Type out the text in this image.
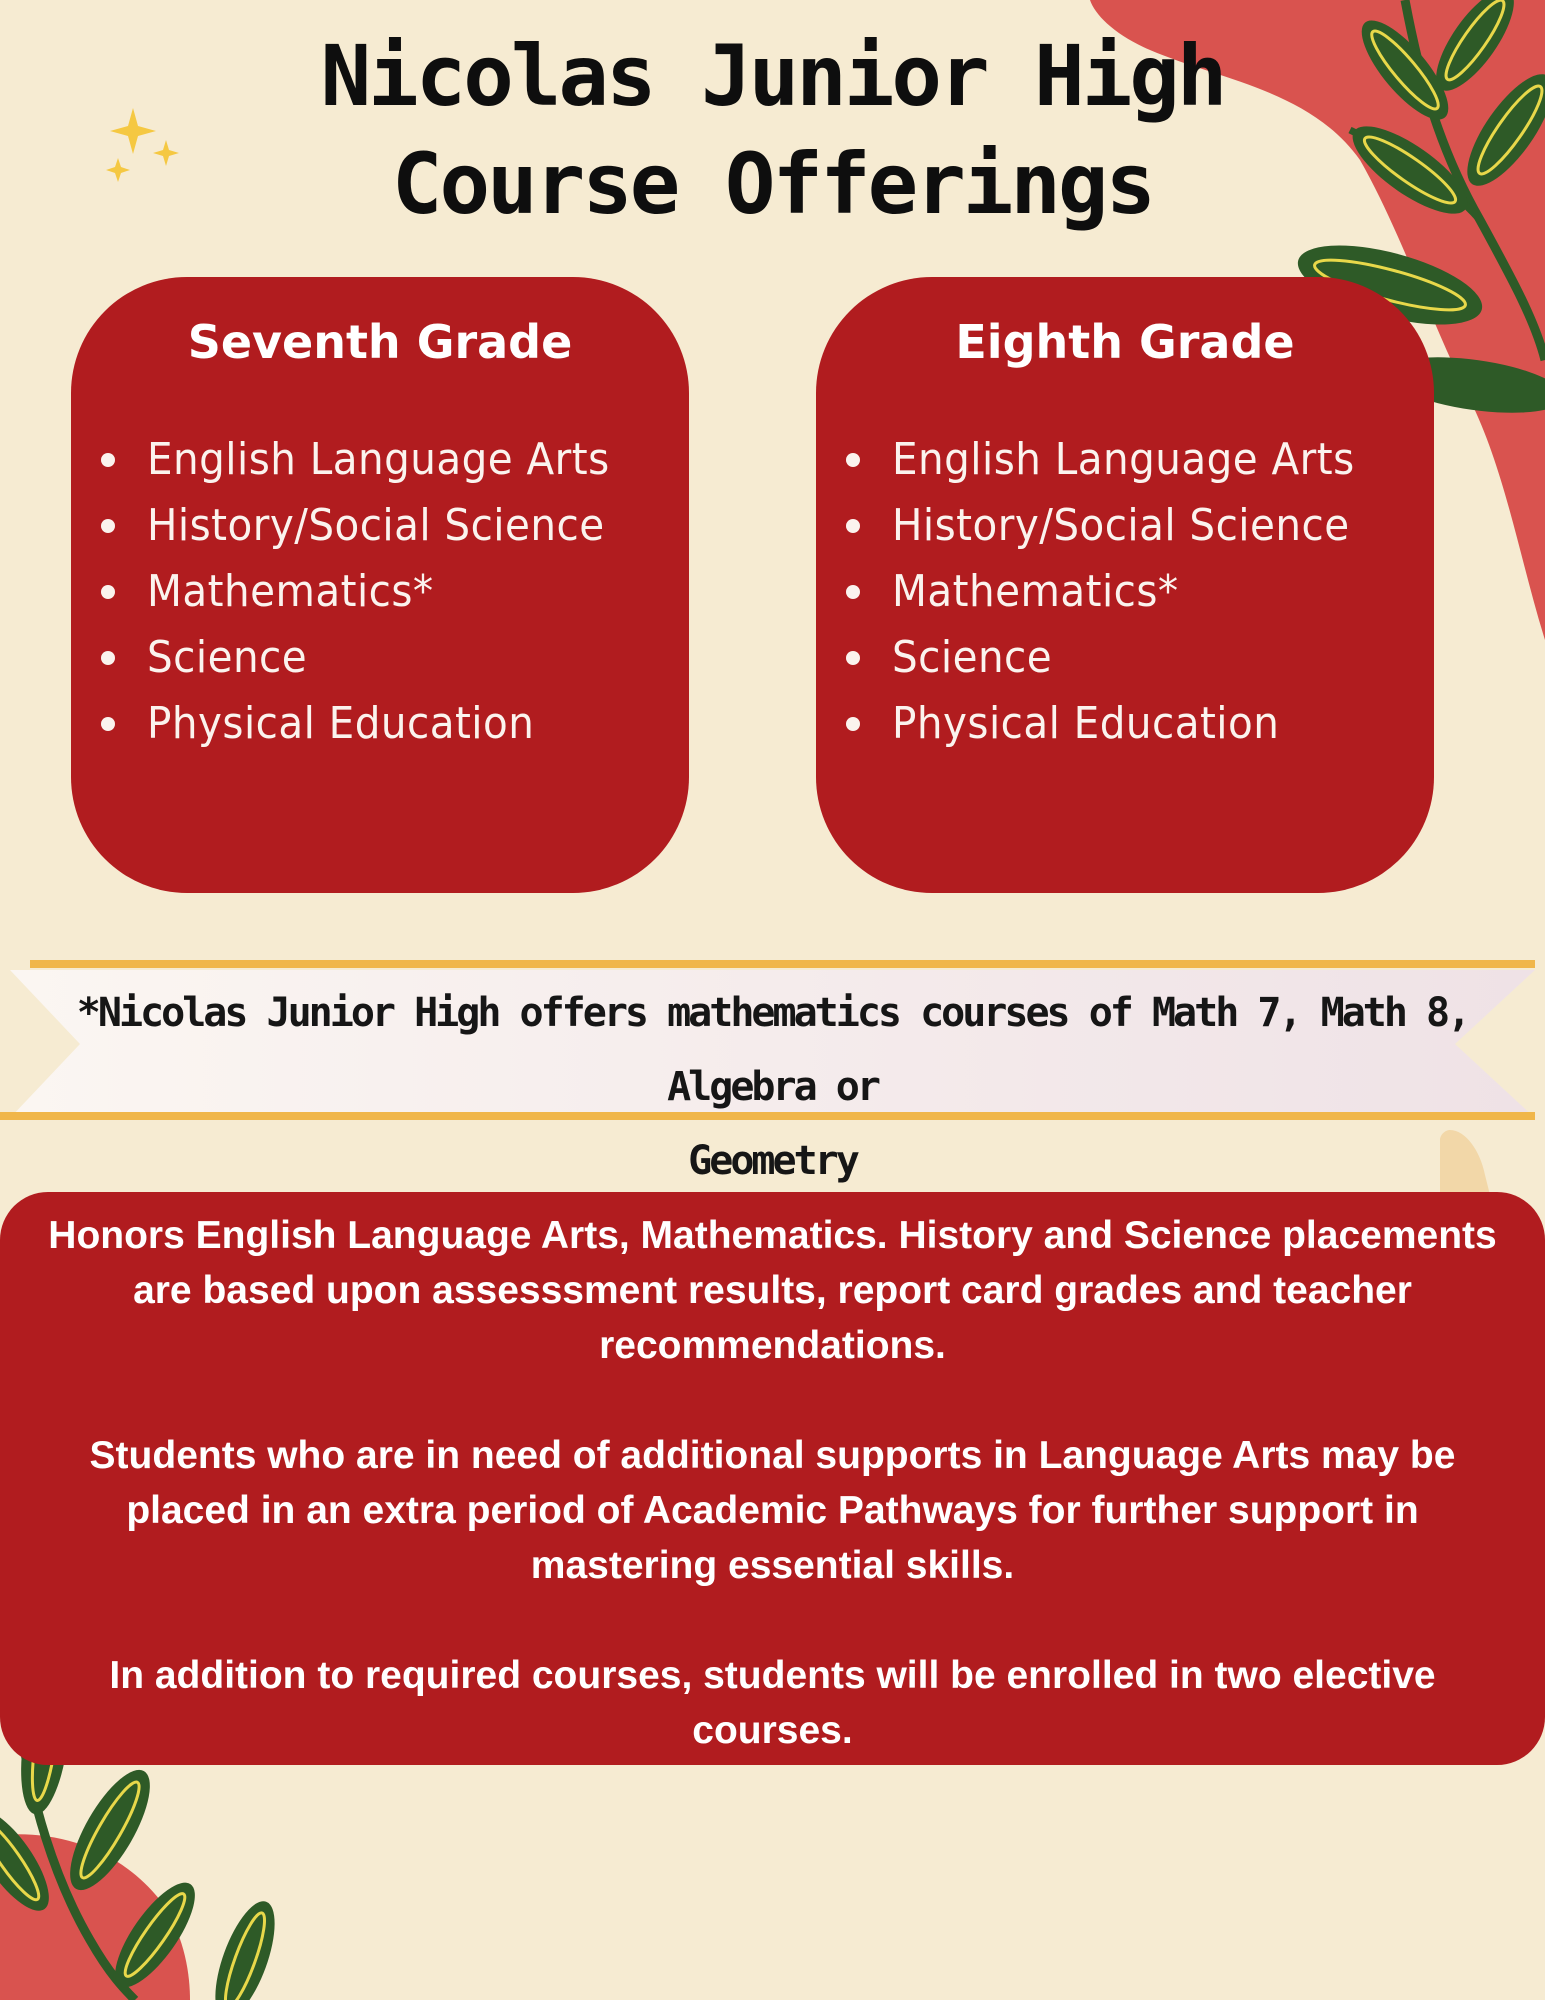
Nicolas Junior High
Course Offerings
Seventh Grade
English Language Arts
History/Social Science
Mathematics*
Science
Physical Education
Eighth Grade
English Language Arts
History/Social Science
Mathematics*
Science
Physical Education
*Nicolas Junior High offers mathematics courses of Math 7, Math 8, Algebra or
Geometry

Honors English Language Arts, Mathematics. History and Science placements are based upon assesssment results, report card grades and teacher recommendations.

Students who are in need of additional supports in Language Arts may be placed in an extra period of Academic Pathways for further support in mastering essential skills.

In addition to required courses, students will be enrolled in two elective courses.
